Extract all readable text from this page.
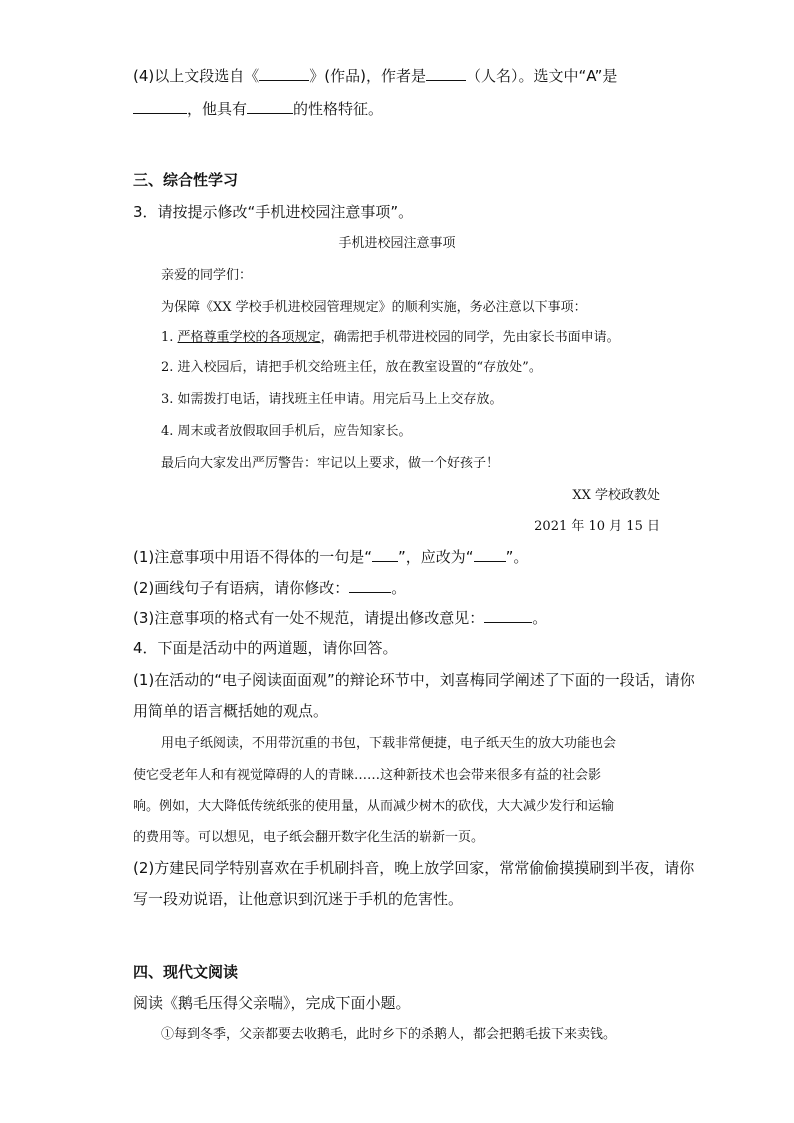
(4)以上文段选自《	》(作品)，作者是	（人名）。选文中“A”是
，他具有	的性格特征。
三、综合性学习
3．请按提示修改“手机进校园注意事项”。
手机进校园注意事项
亲爱的同学们：
为保障《XX 学校手机进校园管理规定》的顺利实施，务必注意以下事项：
1. 严格尊重学校的各项规定，确需把手机带进校园的同学，先由家长书面申请。
2. 进入校园后，请把手机交给班主任，放在教室设置的“存放处”。
3. 如需拨打电话，请找班主任申请。用完后马上上交存放。
4. 周末或者放假取回手机后，应告知家长。
最后向大家发出严厉警告：牢记以上要求，做一个好孩子！
XX 学校政教处
2021 年 10 月 15 日
(1)注意事项中用语不得体的一句是“ ”，应改为“ ”。
(2)画线句子有语病，请你修改：	。
(3)注意事项的格式有一处不规范，请提出修改意见：	。
4．下面是活动中的两道题，请你回答。
(1)在活动的“电子阅读面面观”的辩论环节中，刘喜梅同学阐述了下面的一段话，请你
用简单的语言概括她的观点。
用电子纸阅读，不用带沉重的书包，下载非常便捷，电子纸天生的放大功能也会
使它受老年人和有视觉障碍的人的青睐……这种新技术也会带来很多有益的社会影
响。例如，大大降低传统纸张的使用量，从而减少树木的砍伐，大大减少发行和运输
的费用等。可以想见，电子纸会翻开数字化生活的崭新一页。
(2)方建民同学特别喜欢在手机刷抖音，晚上放学回家，常常偷偷摸摸刷到半夜，请你
写一段劝说语，让他意识到沉迷于手机的危害性。
四、现代文阅读
阅读《鹅毛压得父亲喘》，完成下面小题。
①每到冬季，父亲都要去收鹅毛，此时乡下的杀鹅人，都会把鹅毛拔下来卖钱。
